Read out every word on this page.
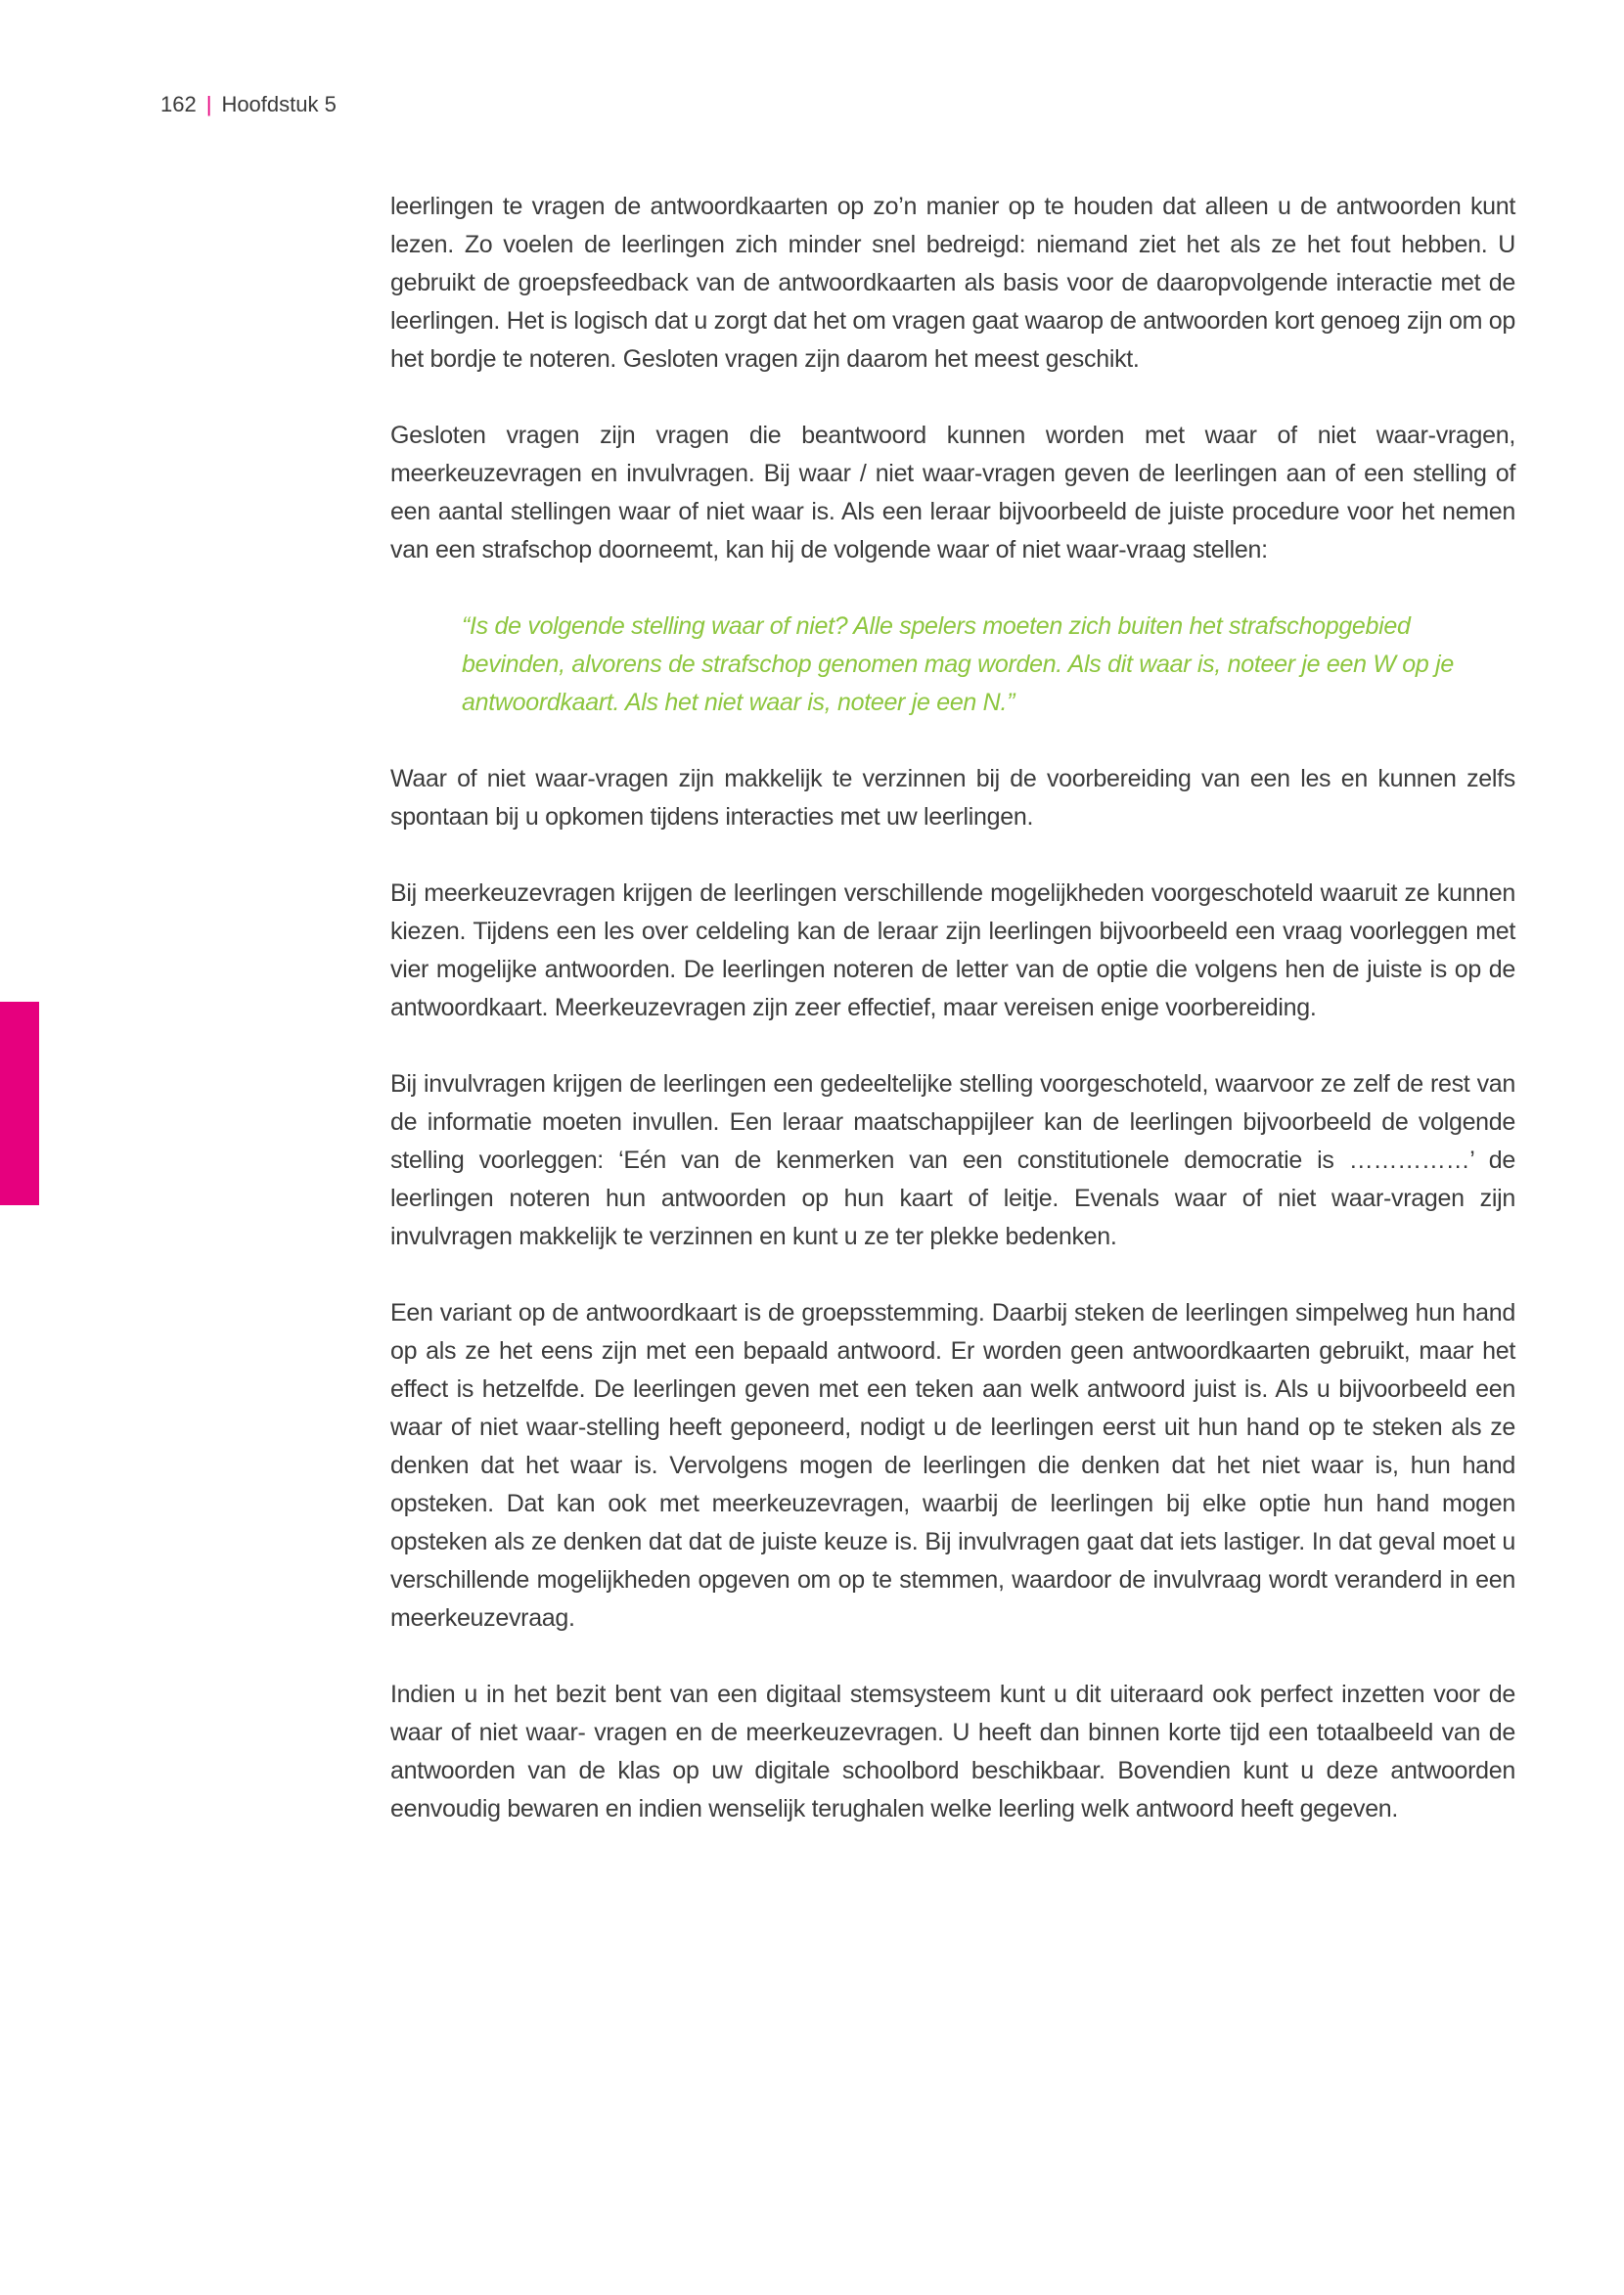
162 | Hoofdstuk 5

leerlingen te vragen de antwoordkaarten op zo’n manier op te houden dat alleen u de antwoorden kunt lezen. Zo voelen de leerlingen zich minder snel bedreigd: niemand ziet het als ze het fout hebben. U gebruikt de groepsfeedback van de antwoordkaarten als basis voor de daaropvolgende interactie met de leerlingen. Het is logisch dat u zorgt dat het om vragen gaat waarop de antwoorden kort genoeg zijn om op het bordje te noteren. Gesloten vragen zijn daarom het meest geschikt.

Gesloten vragen zijn vragen die beantwoord kunnen worden met waar of niet waar-vragen, meerkeuzevragen en invulvragen. Bij waar / niet waar-vragen geven de leerlingen aan of een stelling of een aantal stellingen waar of niet waar is. Als een leraar bijvoorbeeld de juiste procedure voor het nemen van een strafschop doorneemt, kan hij de volgende waar of niet waar-vraag stellen:

“Is de volgende stelling waar of niet? Alle spelers moeten zich buiten het strafschopgebied bevinden, alvorens de strafschop genomen mag worden. Als dit waar is, noteer je een W op je antwoordkaart. Als het niet waar is, noteer je een N.”

Waar of niet waar-vragen zijn makkelijk te verzinnen bij de voorbereiding van een les en kunnen zelfs spontaan bij u opkomen tijdens interacties met uw leerlingen.

Bij meerkeuzevragen krijgen de leerlingen verschillende mogelijkheden voorgeschoteld waaruit ze kunnen kiezen. Tijdens een les over celdeling kan de leraar zijn leerlingen bijvoorbeeld een vraag voorleggen met vier mogelijke antwoorden. De leerlingen noteren de letter van de optie die volgens hen de juiste is op de antwoordkaart. Meerkeuzevragen zijn zeer effectief, maar vereisen enige voorbereiding.

Bij invulvragen krijgen de leerlingen een gedeeltelijke stelling voorgeschoteld, waarvoor ze zelf de rest van de informatie moeten invullen. Een leraar maatschappijleer kan de leerlingen bijvoorbeeld de volgende stelling voorleggen: ‘Eén van de kenmerken van een constitutionele democratie is ……………’ de leerlingen noteren hun antwoorden op hun kaart of leitje. Evenals waar of niet waar-vragen zijn invulvragen makkelijk te verzinnen en kunt u ze ter plekke bedenken.

Een variant op de antwoordkaart is de groepsstemming. Daarbij steken de leerlingen simpelweg hun hand op als ze het eens zijn met een bepaald antwoord. Er worden geen antwoordkaarten gebruikt, maar het effect is hetzelfde. De leerlingen geven met een teken aan welk antwoord juist is. Als u bijvoorbeeld een waar of niet waar-stelling heeft geponeerd, nodigt u de leerlingen eerst uit hun hand op te steken als ze denken dat het waar is. Vervolgens mogen de leerlingen die denken dat het niet waar is, hun hand opsteken. Dat kan ook met meerkeuzevragen, waarbij de leerlingen bij elke optie hun hand mogen opsteken als ze denken dat dat de juiste keuze is. Bij invulvragen gaat dat iets lastiger. In dat geval moet u verschillende mogelijkheden opgeven om op te stemmen, waardoor de invulvraag wordt veranderd in een meerkeuzevraag.

Indien u in het bezit bent van een digitaal stemsysteem kunt u dit uiteraard ook perfect inzetten voor de waar of niet waar- vragen en de meerkeuzevragen. U heeft dan binnen korte tijd een totaalbeeld van de antwoorden van de klas op uw digitale schoolbord beschikbaar. Bovendien kunt u deze antwoorden eenvoudig bewaren en indien wenselijk terughalen welke leerling welk antwoord heeft gegeven.
